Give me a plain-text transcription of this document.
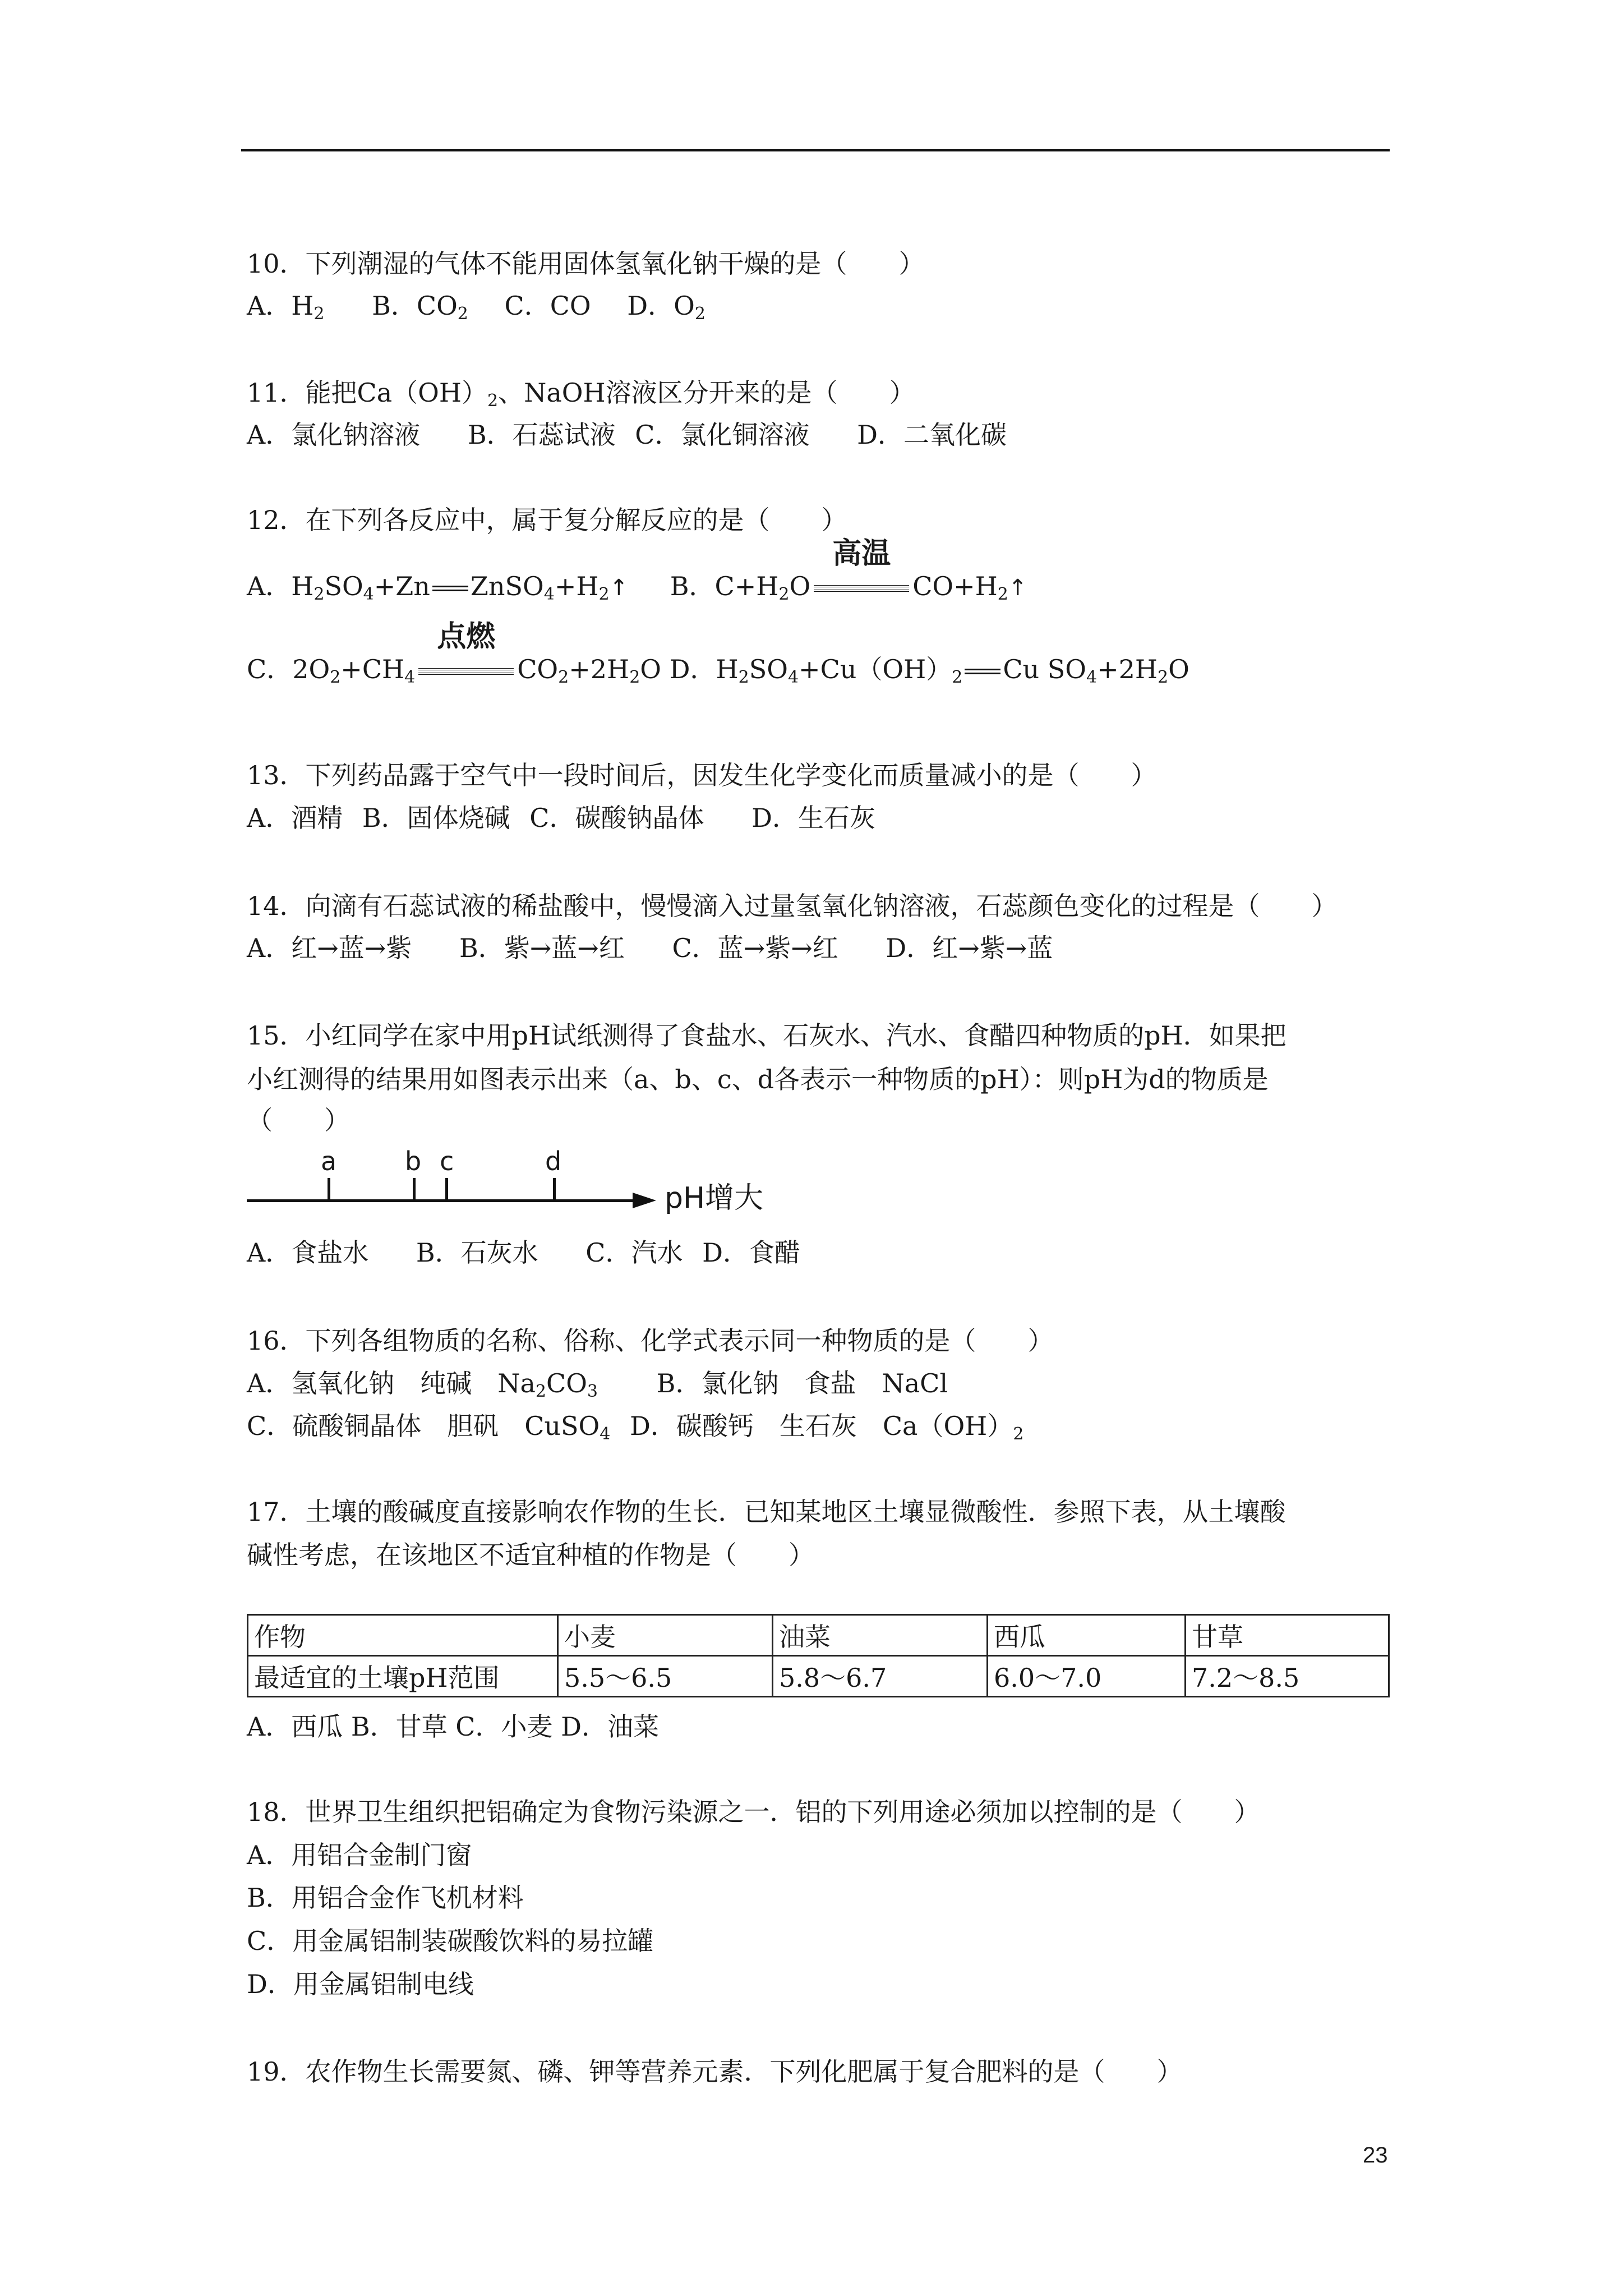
10．下列潮湿的气体不能用固体氢氧化钠干燥的是（　　）
A．$H_2$ B．$CO_2$ C．CO D．$O_2$
11．能把$Ca(OH)_2$、NaOH溶液区分开来的是（　　）
A．氯化钠溶液 B．石蕊试液 C．氯化铜溶液 D．二氧化碳
12．在下列各反应中，属于复分解反应的是（　　）
A．$H_2SO_4+Zn$ $ZnSO_4+H_2↑$ B．$C+H_2O$
高温
$CO+H_2↑$
C．$2O_2+CH_4$
点燃
$CO_2+2H_2O$ D．$H_2SO_4+Cu(OH)_2$ Cu $SO_4+2H_2O$
13．下列药品露于空气中一段时间后，因发生化学变化而质量减小的是（　　）
A．酒精 B．固体烧碱 C．碳酸钠晶体 D．生石灰
14．向滴有石蕊试液的稀盐酸中，慢慢滴入过量氢氧化钠溶液，石蕊颜色变化的过程是（　　）
A．红→蓝→紫 B．紫→蓝→红 C．蓝→紫→红 D．红→紫→蓝
15．小红同学在家中用pH试纸测得了食盐水、石灰水、汽水、食醋四种物质的pH．如果把
小红测得的结果用如图表示出来（a、b、c、d各表示一种物质的pH）：则pH为d的物质是
（　　）
a	b c	d
pH增大
A．食盐水 B．石灰水 C．汽水 D．食醋
16．下列各组物质的名称、俗称、化学式表示同一种物质的是（　　）
A．氢氧化钠　纯碱　$Na_2CO_3$ B．氯化钠　食盐　NaCl
C．硫酸铜晶体　胆矾　CuSO$_4$ D．碳酸钙　生石灰　$Ca(OH)_2$
17．土壤的酸碱度直接影响农作物的生长．已知某地区土壤显微酸性．参照下表，从土壤酸
碱性考虑，在该地区不适宜种植的作物是（　　）
作物	小麦	油菜	西瓜	甘草
最适宜的土壤pH范围	5.5～6.5	5.8～6.7	6.0～7.0	7.2～8.5
A．西瓜 B．甘草 C．小麦 D．油菜
18．世界卫生组织把铝确定为食物污染源之一．铝的下列用途必须加以控制的是（　　）
A．用铝合金制门窗
B．用铝合金作飞机材料
C．用金属铝制装碳酸饮料的易拉罐
D．用金属铝制电线
19．农作物生长需要氮、磷、钾等营养元素．下列化肥属于复合肥料的是（　　）
23
